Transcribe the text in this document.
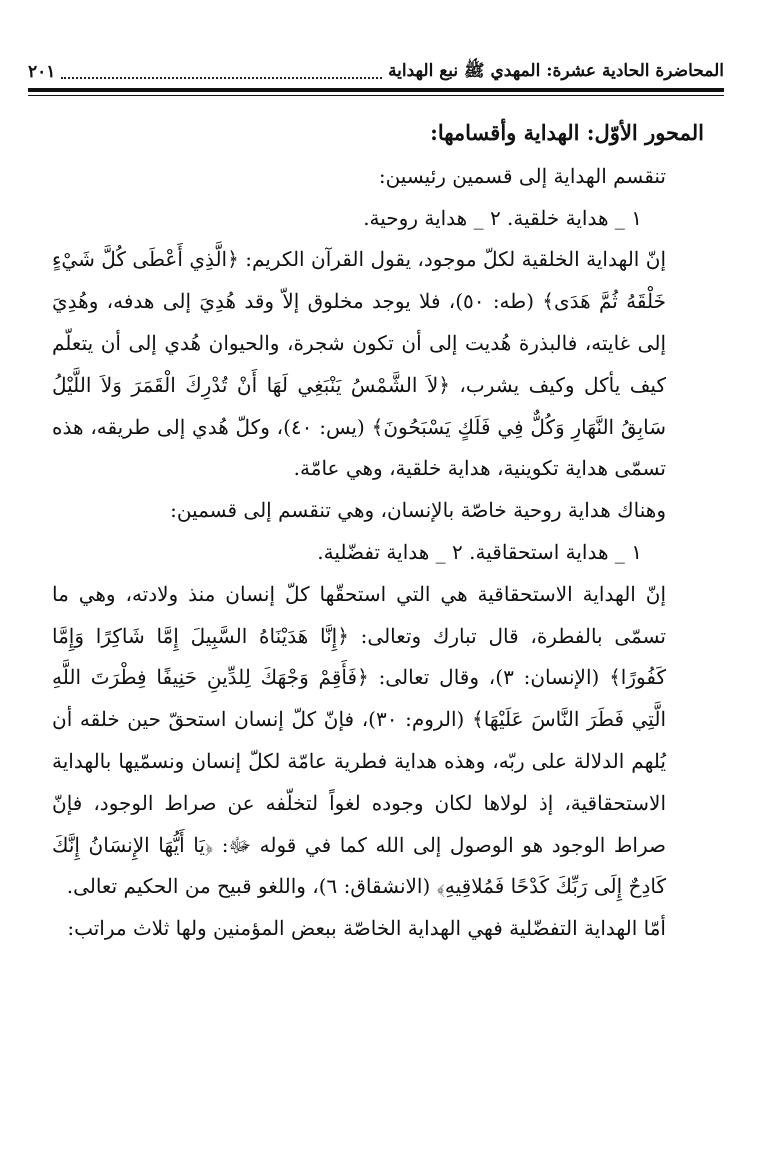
المحاضرة الحادية عشرة: المهدي ﷺ نبع الهداية
٢٠١

المحور الأوّل: الهداية وأقسامها:

تنقسم الهداية إلى قسمين رئيسين:

١ _ هداية خلقية. ٢ _ هداية روحية.

إنّ الهداية الخلقية لكلّ موجود، يقول القرآن الكريم: ﴿الَّذِي أَعْطَى كُلَّ شَيْءٍ خَلْقَهُ ثُمَّ هَدَى﴾ (طه: ٥٠)، فلا يوجد مخلوق إلاّ وقد هُدِيَ إلى هدفه، وهُدِيَ إلى غايته، فالبذرة هُديت إلى أن تكون شجرة، والحيوان هُدي إلى أن يتعلّم كيف يأكل وكيف يشرب، ﴿لاَ الشَّمْسُ يَنْبَغِي لَهَا أَنْ تُدْرِكَ الْقَمَرَ وَلاَ اللَّيْلُ سَابِقُ النَّهَارِ وَكُلٌّ فِي فَلَكٍ يَسْبَحُونَ﴾ (يس: ٤٠)، وكلّ هُدي إلى طريقه، هذه تسمّى هداية تكوينية، هداية خلقية، وهي عامّة.

وهناك هداية روحية خاصّة بالإنسان، وهي تنقسم إلى قسمين:

١ _ هداية استحقاقية. ٢ _ هداية تفضّلية.

إنّ الهداية الاستحقاقية هي التي استحقّها كلّ إنسان منذ ولادته، وهي ما تسمّى بالفطرة، قال تبارك وتعالى: ﴿إِنَّا هَدَيْنَاهُ السَّبِيلَ إِمَّا شَاكِرًا وَإِمَّا كَفُورًا﴾ (الإنسان: ٣)، وقال تعالى: ﴿فَأَقِمْ وَجْهَكَ لِلدِّينِ حَنِيفًا فِطْرَتَ اللَّهِ الَّتِي فَطَرَ النَّاسَ عَلَيْهَا﴾ (الروم: ٣٠)، فإنّ كلّ إنسان استحقّ حين خلقه أن يُلهم الدلالة على ربّه، وهذه هداية فطرية عامّة لكلّ إنسان ونسمّيها بالهداية الاستحقاقية، إذ لولاها لكان وجوده لغواً لتخلّفه عن صراط الوجود، فإنّ صراط الوجود هو الوصول إلى الله كما في قوله ﷻ: ﴿يَا أَيُّهَا الإِنسَانُ إِنَّكَ كَادِحٌ إِلَى رَبِّكَ كَدْحًا فَمُلاقِيهِ﴾ (الانشقاق: ٦)، واللغو قبيح من الحكيم تعالى.

أمّا الهداية التفضّلية فهي الهداية الخاصّة ببعض المؤمنين ولها ثلاث مراتب:
